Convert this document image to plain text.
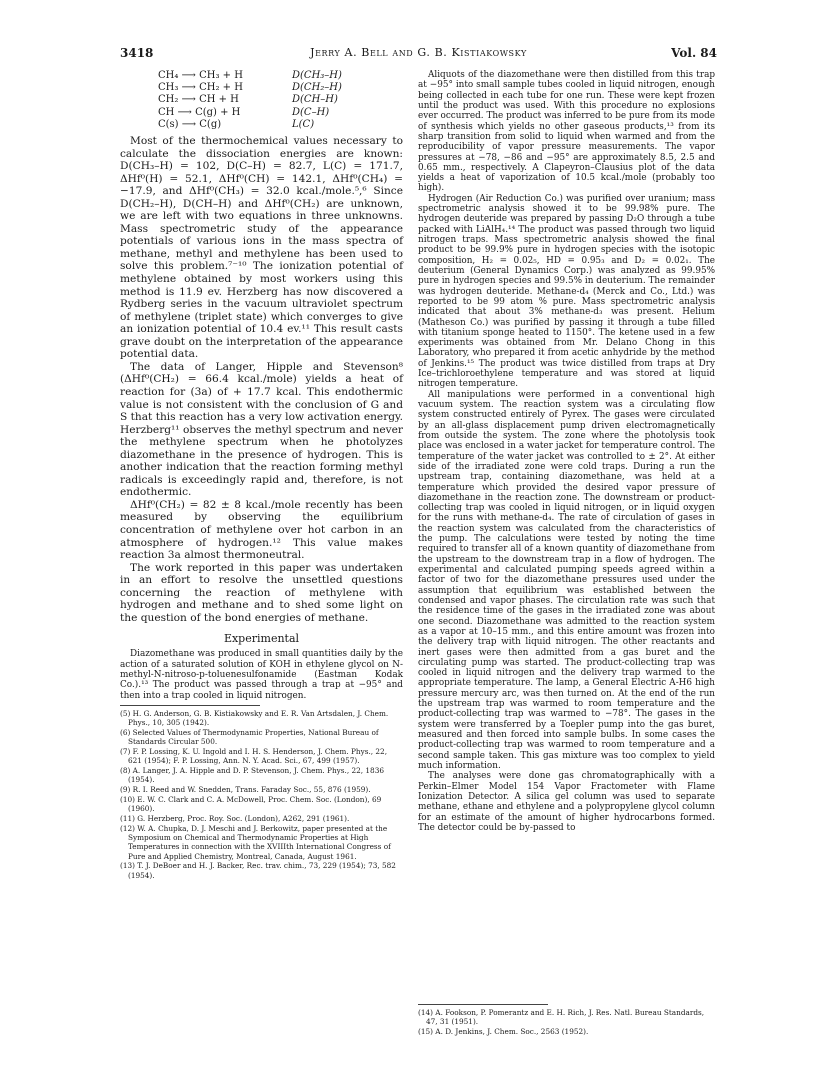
3418	Jerry A. Bell and G. B. Kistiakowsky	Vol. 84
CH₄ ⟶ CH₃ + H	D(CH₃–H)
CH₃ ⟶ CH₂ + H	D(CH₂–H)
CH₂ ⟶ CH + H	D(CH–H)
CH ⟶ C(g) + H	D(C–H)
C(s) ⟶ C(g)	L(C)

Most of the thermochemical values necessary to calculate the dissociation energies are known: D(CH₃–H) = 102, D(C–H) = 82.7, L(C) = 171.7, ΔHf⁰(H) = 52.1, ΔHf⁰(CH) = 142.1, ΔHf⁰(CH₄) = −17.9, and ΔHf⁰(CH₃) = 32.0 kcal./mole.⁵,⁶ Since D(CH₂–H), D(CH–H) and ΔHf⁰(CH₂) are unknown, we are left with two equations in three unknowns. Mass spectrometric study of the appearance potentials of various ions in the mass spectra of methane, methyl and methylene has been used to solve this problem.⁷⁻¹⁰ The ionization potential of methylene obtained by most workers using this method is 11.9 ev. Herzberg has now discovered a Rydberg series in the vacuum ultraviolet spectrum of methylene (triplet state) which converges to give an ionization potential of 10.4 ev.¹¹ This result casts grave doubt on the interpretation of the appearance potential data.

The data of Langer, Hipple and Stevenson⁸ (ΔHf⁰(CH₂) = 66.4 kcal./mole) yields a heat of reaction for (3a) of + 17.7 kcal. This endothermic value is not consistent with the conclusion of G and S that this reaction has a very low activation energy. Herzberg¹¹ observes the methyl spectrum and never the methylene spectrum when he photolyzes diazomethane in the presence of hydrogen. This is another indication that the reaction forming methyl radicals is exceedingly rapid and, therefore, is not endothermic.

ΔHf⁰(CH₂) = 82 ± 8 kcal./mole recently has been measured by observing the equilibrium concentration of methylene over hot carbon in an atmosphere of hydrogen.¹² This value makes reaction 3a almost thermoneutral.

The work reported in this paper was undertaken in an effort to resolve the unsettled questions concerning the reaction of methylene with hydrogen and methane and to shed some light on the question of the bond energies of methane.

Experimental

Diazomethane was produced in small quantities daily by the action of a saturated solution of KOH in ethylene glycol on N-methyl-N-nitroso-p-toluenesulfonamide (Eastman Kodak Co.).¹³ The product was passed through a trap at −95° and then into a trap cooled in liquid nitrogen.

(5) H. G. Anderson, G. B. Kistiakowsky and E. R. Van Artsdalen, J. Chem. Phys., 10, 305 (1942).
(6) Selected Values of Thermodynamic Properties, National Bureau of Standards Circular 500.
(7) F. P. Lossing, K. U. Ingold and I. H. S. Henderson, J. Chem. Phys., 22, 621 (1954); F. P. Lossing, Ann. N. Y. Acad. Sci., 67, 499 (1957).
(8) A. Langer, J. A. Hipple and D. P. Stevenson, J. Chem. Phys., 22, 1836 (1954).
(9) R. I. Reed and W. Snedden, Trans. Faraday Soc., 55, 876 (1959).
(10) E. W. C. Clark and C. A. McDowell, Proc. Chem. Soc. (London), 69 (1960).
(11) G. Herzberg, Proc. Roy. Soc. (London), A262, 291 (1961).
(12) W. A. Chupka, D. J. Meschi and J. Berkowitz, paper presented at the Symposium on Chemical and Thermodynamic Properties at High Temperatures in connection with the XVIIIth International Congress of Pure and Applied Chemistry, Montreal, Canada, August 1961.
(13) T. J. DeBoer and H. J. Backer, Rec. trav. chim., 73, 229 (1954); 73, 582 (1954).

Aliquots of the diazomethane were then distilled from this trap at −95° into small sample tubes cooled in liquid nitrogen, enough being collected in each tube for one run. These were kept frozen until the product was used. With this procedure no explosions ever occurred. The product was inferred to be pure from its mode of synthesis which yields no other gaseous products,¹³ from its sharp transition from solid to liquid when warmed and from the reproducibility of vapor pressure measurements. The vapor pressures at −78, −86 and −95° are approximately 8.5, 2.5 and 0.65 mm., respectively. A Clapeyron–Clausius plot of the data yields a heat of vaporization of 10.5 kcal./mole (probably too high).

Hydrogen (Air Reduction Co.) was purified over uranium; mass spectrometric analysis showed it to be 99.98% pure. The hydrogen deuteride was prepared by passing D₂O through a tube packed with LiAlH₄.¹⁴ The product was passed through two liquid nitrogen traps. Mass spectrometric analysis showed the final product to be 99.9% pure in hydrogen species with the isotopic composition, H₂ = 0.02₅, HD = 0.95₃ and D₂ = 0.02₁. The deuterium (General Dynamics Corp.) was analyzed as 99.95% pure in hydrogen species and 99.5% in deuterium. The remainder was hydrogen deuteride. Methane-d₄ (Merck and Co., Ltd.) was reported to be 99 atom % pure. Mass spectrometric analysis indicated that about 3% methane-d₃ was present. Helium (Matheson Co.) was purified by passing it through a tube filled with titanium sponge heated to 1150°. The ketene used in a few experiments was obtained from Mr. Delano Chong in this Laboratory, who prepared it from acetic anhydride by the method of Jenkins.¹⁵ The product was twice distilled from traps at Dry Ice–trichloroethylene temperature and was stored at liquid nitrogen temperature.

All manipulations were performed in a conventional high vacuum system. The reaction system was a circulating flow system constructed entirely of Pyrex. The gases were circulated by an all-glass displacement pump driven electromagnetically from outside the system. The zone where the photolysis took place was enclosed in a water jacket for temperature control. The temperature of the water jacket was controlled to ± 2°. At either side of the irradiated zone were cold traps. During a run the upstream trap, containing diazomethane, was held at a temperature which provided the desired vapor pressure of diazomethane in the reaction zone. The downstream or product-collecting trap was cooled in liquid nitrogen, or in liquid oxygen for the runs with methane-d₄. The rate of circulation of gases in the reaction system was calculated from the characteristics of the pump. The calculations were tested by noting the time required to transfer all of a known quantity of diazomethane from the upstream to the downstream trap in a flow of hydrogen. The experimental and calculated pumping speeds agreed within a factor of two for the diazomethane pressures used under the assumption that equilibrium was established between the condensed and vapor phases. The circulation rate was such that the residence time of the gases in the irradiated zone was about one second. Diazomethane was admitted to the reaction system as a vapor at 10–15 mm., and this entire amount was frozen into the delivery trap with liquid nitrogen. The other reactants and inert gases were then admitted from a gas buret and the circulating pump was started. The product-collecting trap was cooled in liquid nitrogen and the delivery trap warmed to the appropriate temperature. The lamp, a General Electric A-H6 high pressure mercury arc, was then turned on. At the end of the run the upstream trap was warmed to room temperature and the product-collecting trap was warmed to −78°. The gases in the system were transferred by a Toepler pump into the gas buret, measured and then forced into sample bulbs. In some cases the product-collecting trap was warmed to room temperature and a second sample taken. This gas mixture was too complex to yield much information.

The analyses were done gas chromatographically with a Perkin–Elmer Model 154 Vapor Fractometer with Flame Ionization Detector. A silica gel column was used to separate methane, ethane and ethylene and a polypropylene glycol column for an estimate of the amount of higher hydrocarbons formed. The detector could be by-passed to

(14) A. Fookson, P. Pomerantz and E. H. Rich, J. Res. Natl. Bureau Standards, 47, 31 (1951).
(15) A. D. Jenkins, J. Chem. Soc., 2563 (1952).
